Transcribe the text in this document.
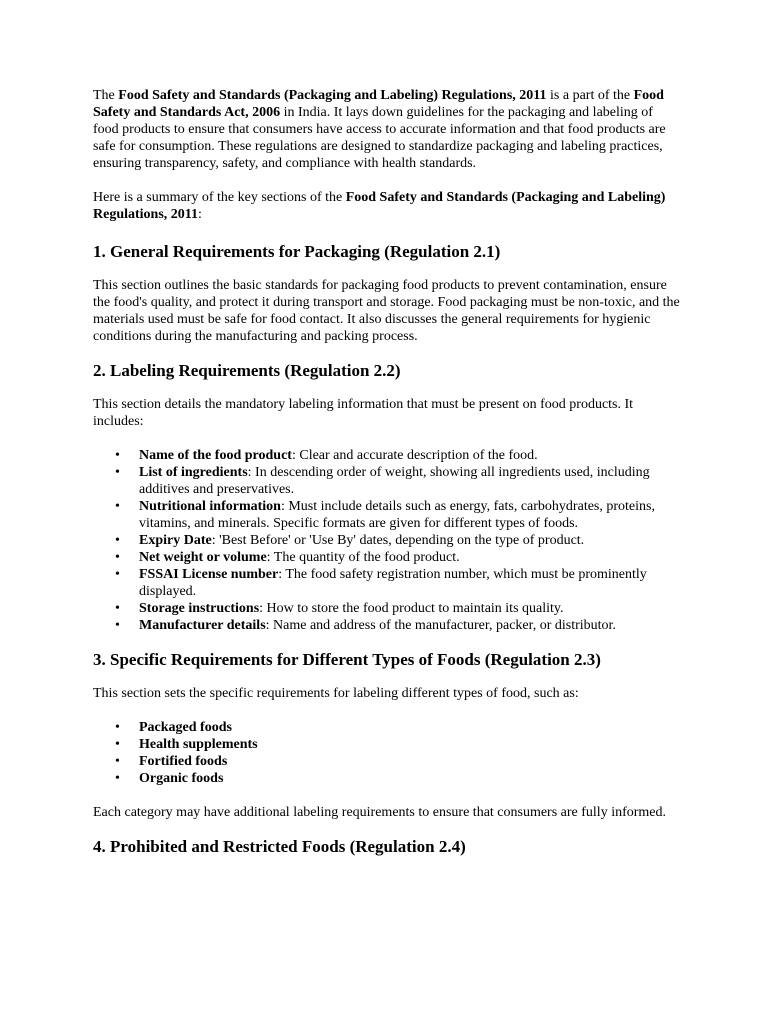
The Food Safety and Standards (Packaging and Labeling) Regulations, 2011 is a part of the Food Safety and Standards Act, 2006 in India. It lays down guidelines for the packaging and labeling of food products to ensure that consumers have access to accurate information and that food products are safe for consumption. These regulations are designed to standardize packaging and labeling practices, ensuring transparency, safety, and compliance with health standards.

Here is a summary of the key sections of the Food Safety and Standards (Packaging and Labeling) Regulations, 2011:

1. General Requirements for Packaging (Regulation 2.1)

This section outlines the basic standards for packaging food products to prevent contamination, ensure the food's quality, and protect it during transport and storage. Food packaging must be non-toxic, and the materials used must be safe for food contact. It also discusses the general requirements for hygienic conditions during the manufacturing and packing process.

2. Labeling Requirements (Regulation 2.2)

This section details the mandatory labeling information that must be present on food products. It includes:

• Name of the food product: Clear and accurate description of the food.
• List of ingredients: In descending order of weight, showing all ingredients used, including additives and preservatives.
• Nutritional information: Must include details such as energy, fats, carbohydrates, proteins, vitamins, and minerals. Specific formats are given for different types of foods.
• Expiry Date: 'Best Before' or 'Use By' dates, depending on the type of product.
• Net weight or volume: The quantity of the food product.
• FSSAI License number: The food safety registration number, which must be prominently displayed.
• Storage instructions: How to store the food product to maintain its quality.
• Manufacturer details: Name and address of the manufacturer, packer, or distributor.
3. Specific Requirements for Different Types of Foods (Regulation 2.3)

This section sets the specific requirements for labeling different types of food, such as:

• Packaged foods
• Health supplements
• Fortified foods
• Organic foods

Each category may have additional labeling requirements to ensure that consumers are fully informed.

4. Prohibited and Restricted Foods (Regulation 2.4)
